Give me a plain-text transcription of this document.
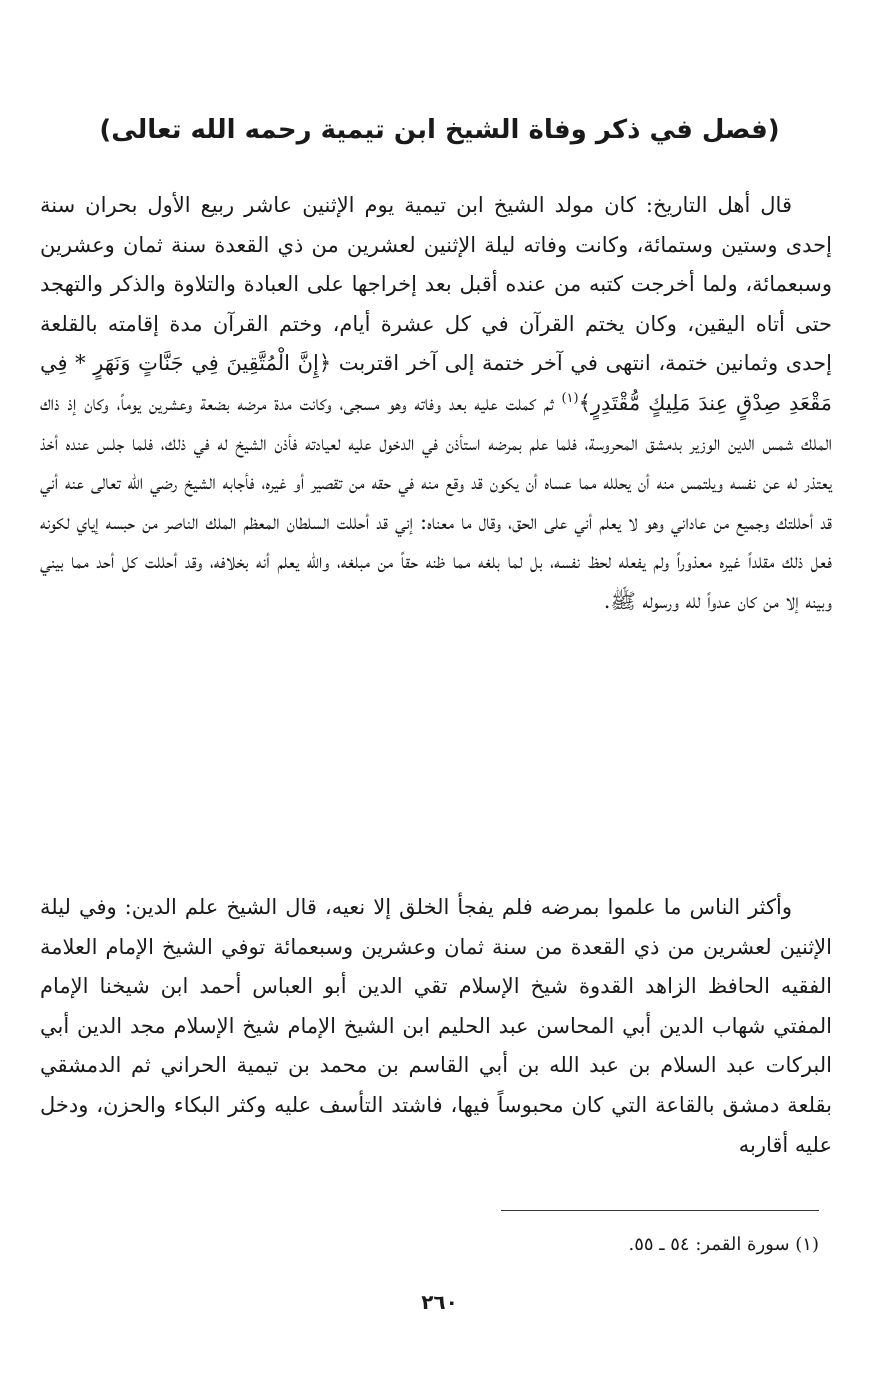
(فصل في ذكر وفاة الشيخ ابن تيمية رحمه الله تعالى)

قال أهل التاريخ: كان مولد الشيخ ابن تيمية يوم الإثنين عاشر ربيع الأول بحران سنة إحدى وستين وستمائة، وكانت وفاته ليلة الإثنين لعشرين من ذي القعدة سنة ثمان وعشرين وسبعمائة، ولما أخرجت كتبه من عنده أقبل بعد إخراجها على العبادة والتلاوة والذكر والتهجد حتى أتاه اليقين، وكان يختم القرآن في كل عشرة أيام، وختم القرآن مدة إقامته بالقلعة إحدى وثمانين ختمة، انتهى في آخر ختمة إلى آخر اقتربت ﴿إِنَّ الْمُتَّقِينَ فِي جَنَّاتٍ وَنَهَرٍ * فِي مَقْعَدِ صِدْقٍ عِندَ مَلِيكٍ مُّقْتَدِرٍ﴾$^{(١)}$ ثم كملت عليه بعد وفاته وهو مسجى، وكانت مدة مرضه بضعة وعشرين يوماً، وكان إذ ذاك الملك شمس الدين الوزير بدمشق المحروسة، فلما علم بمرضه استأذن في الدخول عليه لعيادته فأذن الشيخ له في ذلك، فلما جلس عنده أخذ يعتذر له عن نفسه ويلتمس منه أن يحلله مما عساه أن يكون قد وقع منه في حقه من تقصير أو غيره، فأجابه الشيخ رضي الله تعالى عنه أني قد أحللتك وجميع من عاداني وهو لا يعلم أني على الحق، وقال ما معناه: إني قد أحللت السلطان المعظم الملك الناصر من حبسه إياي لكونه فعل ذلك مقلداً غيره معذوراً ولم يفعله لحظ نفسه، بل لما بلغه مما ظنه حقاً من مبلغه، والله يعلم أنه بخلافه، وقد أحللت كل أحد مما بيني وبينه إلا من كان عدواً لله ورسوله ﷺ.

وأكثر الناس ما علموا بمرضه فلم يفجأ الخلق إلا نعيه، قال الشيخ علم الدين: وفي ليلة الإثنين لعشرين من ذي القعدة من سنة ثمان وعشرين وسبعمائة توفي الشيخ الإمام العلامة الفقيه الحافظ الزاهد القدوة شيخ الإسلام تقي الدين أبو العباس أحمد ابن شيخنا الإمام المفتي شهاب الدين أبي المحاسن عبد الحليم ابن الشيخ الإمام شيخ الإسلام مجد الدين أبي البركات عبد السلام بن عبد الله بن أبي القاسم بن محمد بن تيمية الحراني ثم الدمشقي بقلعة دمشق بالقاعة التي كان محبوساً فيها، فاشتد التأسف عليه وكثر البكاء والحزن، ودخل عليه أقاربه

(١) سورة القمر: ٥٤ ـ ٥٥.

٢٦٠
